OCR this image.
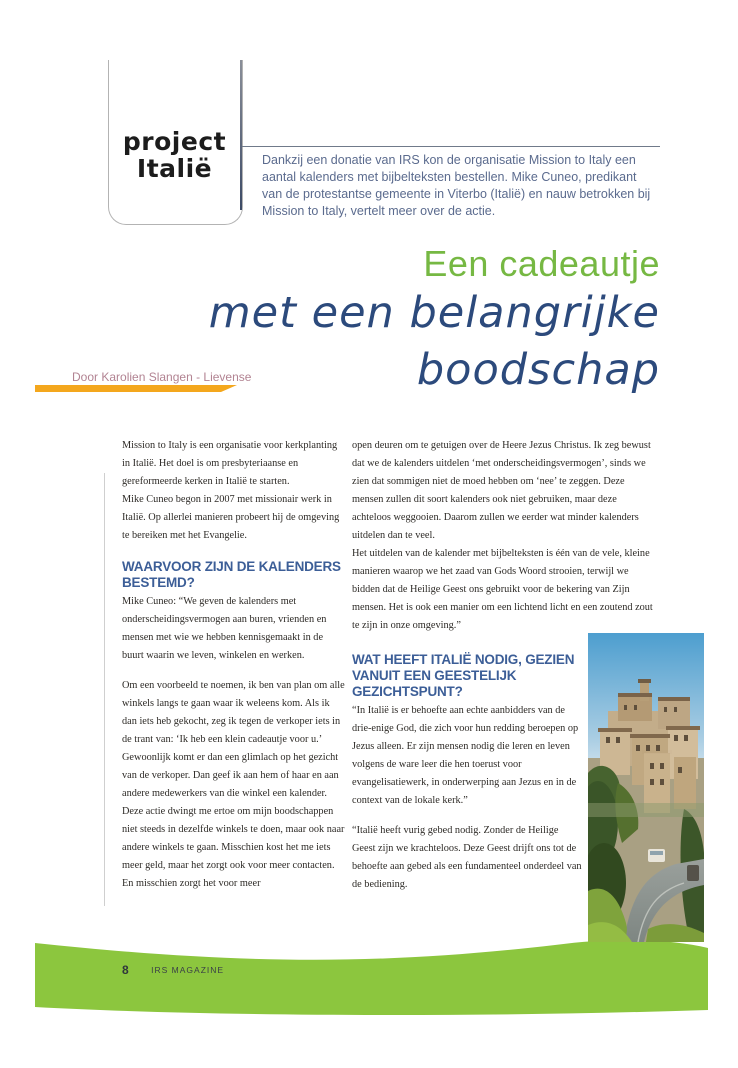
project
Italië	Dankzij een donatie van IRS kon de organisatie Mission to Italy een aantal kalenders met bijbelteksten bestellen. Mike Cuneo, predikant van de protestantse gemeente in Viterbo (Italië) en nauw betrokken bij Mission to Italy, vertelt meer over de actie.
Een cadeautje
met een belangrijke
boodschap
Door Karolien Slangen - Lievense

Mission to Italy is een organisatie voor kerkplanting in Italië. Het doel is om presbyteriaanse en gereformeerde kerken in Italië te starten.

Mike Cuneo begon in 2007 met missionair werk in Italië. Op allerlei manieren probeert hij de omgeving te bereiken met het Evangelie.

WAARVOOR ZIJN DE KALENDERS BESTEMD?

Mike Cuneo: “We geven de kalenders met onderscheidingsvermogen aan buren, vrienden en mensen met wie we hebben kennisgemaakt in de buurt waarin we leven, winkelen en werken.

Om een voorbeeld te noemen, ik ben van plan om alle winkels langs te gaan waar ik weleens kom. Als ik dan iets heb gekocht, zeg ik tegen de verkoper iets in de trant van: ‘Ik heb een klein cadeautje voor u.’ Gewoonlijk komt er dan een glimlach op het gezicht van de verkoper. Dan geef ik aan hem of haar en aan andere medewerkers van die winkel een kalender. Deze actie dwingt me ertoe om mijn boodschappen niet steeds in dezelfde winkels te doen, maar ook naar andere winkels te gaan. Misschien kost het me iets meer geld, maar het zorgt ook voor meer contacten. En misschien zorgt het voor meer

open deuren om te getuigen over de Heere Jezus Christus. Ik zeg bewust dat we de kalenders uitdelen ‘met onderscheidingsvermogen’, sinds we zien dat sommigen niet de moed hebben om ‘nee’ te zeggen. Deze mensen zullen dit soort kalenders ook niet gebruiken, maar deze achteloos weggooien. Daarom zullen we eerder wat minder kalenders uitdelen dan te veel.

Het uitdelen van de kalender met bijbelteksten is één van de vele, kleine manieren waarop we het zaad van Gods Woord strooien, terwijl we bidden dat de Heilige Geest ons gebruikt voor de bekering van Zijn mensen. Het is ook een manier om een lichtend licht en een zoutend zout te zijn in onze omgeving.”

WAT HEEFT ITALIË NODIG, GEZIEN VANUIT EEN GEESTELIJK GEZICHTSPUNT?

“In Italië is er behoefte aan echte aanbidders van de drie-enige God, die zich voor hun redding beroepen op Jezus alleen. Er zijn mensen nodig die leren en leven volgens de ware leer die hen toerust voor evangelisatiewerk, in onderwerping aan Jezus en in de context van de lokale kerk.”

“Italië heeft vurig gebed nodig. Zonder de Heilige Geest zijn we krachteloos. Deze Geest drijft ons tot de behoefte aan gebed als een fundamenteel onderdeel van de bediening.

8	IRS MAGAZINE
